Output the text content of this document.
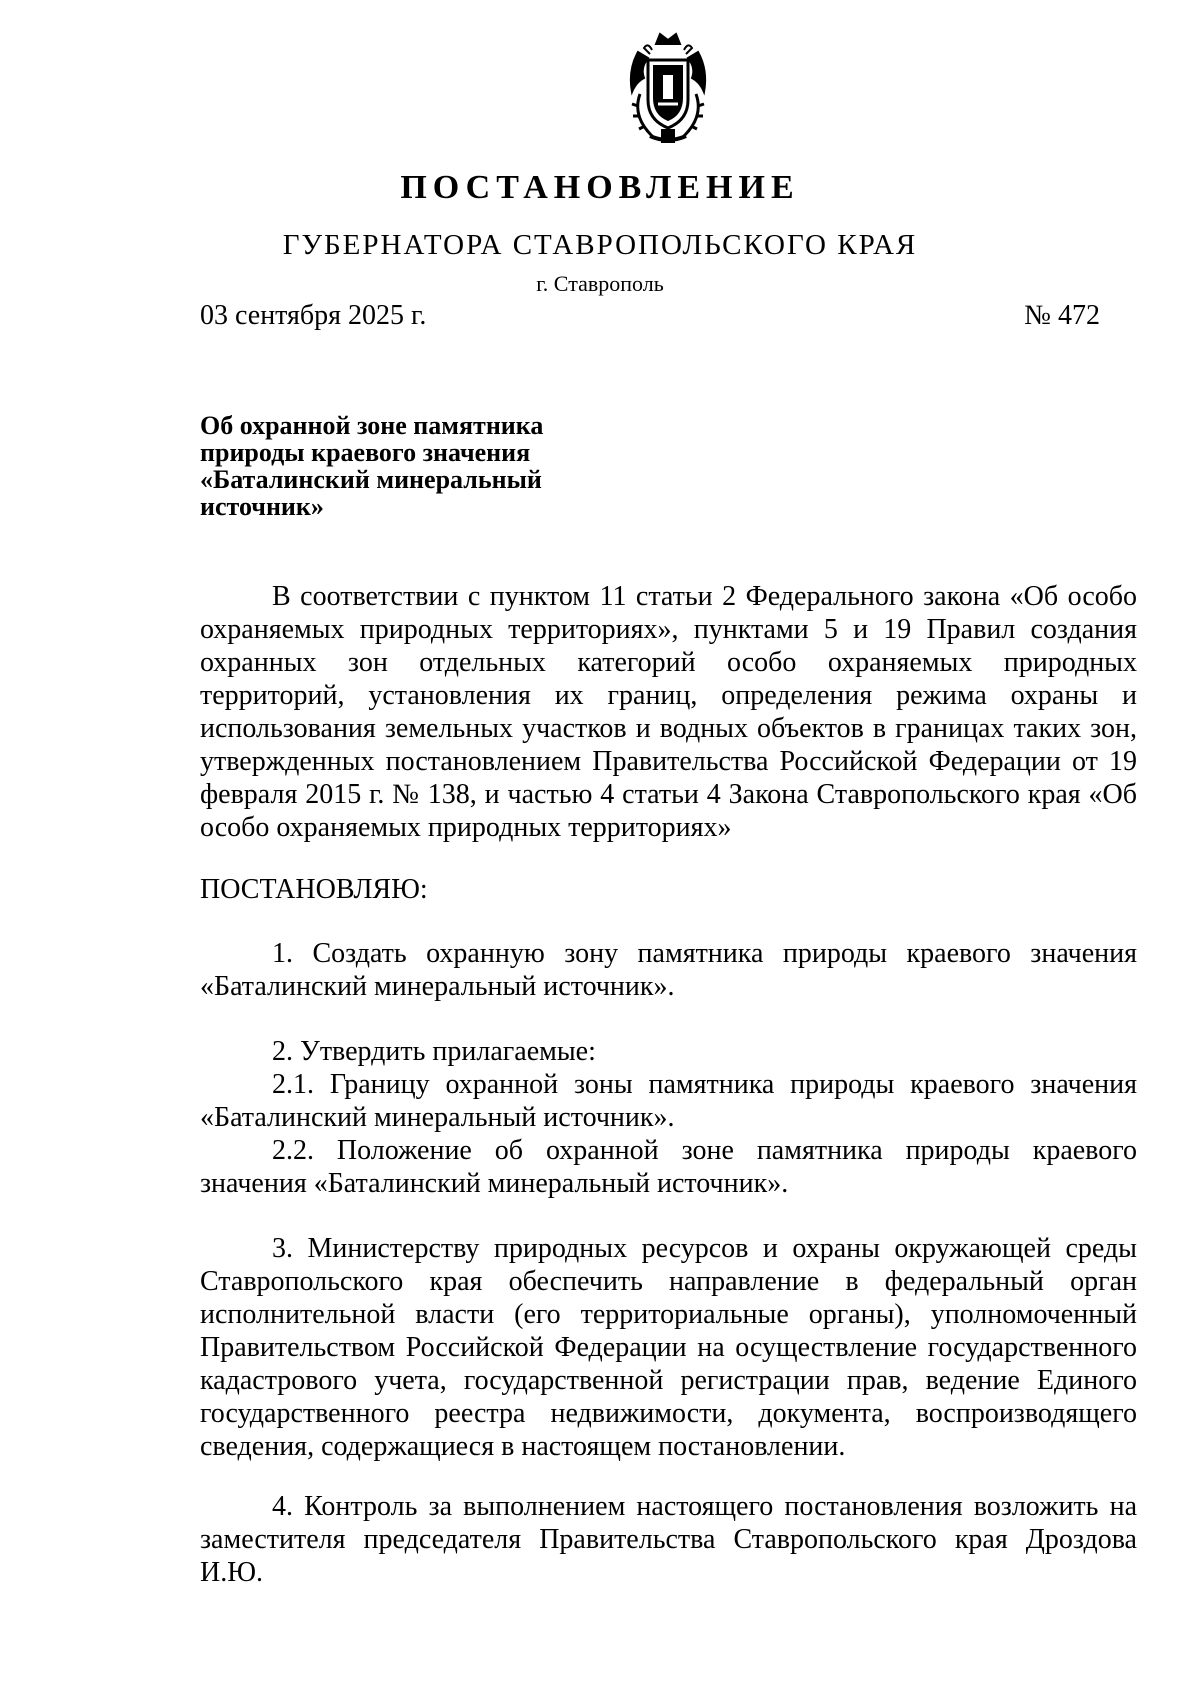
ПОСТАНОВЛЕНИЕ
ГУБЕРНАТОРА СТАВРОПОЛЬСКОГО КРАЯ
г. Ставрополь
03 сентября 2025 г.	№ 472
Об охранной зоне памятника
природы краевого значения
«Баталинский минеральный
источник»

В соответствии с пунктом 11 статьи 2 Федерального закона «Об особо охраняемых природных территориях», пунктами 5 и 19 Правил создания охранных зон отдельных категорий особо охраняемых природных территорий, установления их границ, определения режима охраны и использования земельных участков и водных объектов в границах таких зон, утвержденных постановлением Правительства Российской Федерации от 19 февраля 2015 г. № 138, и частью 4 статьи 4 Закона Ставропольского края «Об особо охраняемых природных территориях»

ПОСТАНОВЛЯЮ:

1. Создать охранную зону памятника природы краевого значения «Баталинский минеральный источник».

2. Утвердить прилагаемые:

2.1. Границу охранной зоны памятника природы краевого значения «Баталинский минеральный источник».

2.2. Положение об охранной зоне памятника природы краевого значения «Баталинский минеральный источник».

3. Министерству природных ресурсов и охраны окружающей среды Ставропольского края обеспечить направление в федеральный орган исполнительной власти (его территориальные органы), уполномоченный Правительством Российской Федерации на осуществление государственного кадастрового учета, государственной регистрации прав, ведение Единого государственного реестра недвижимости, документа, воспроизводящего сведения, содержащиеся в настоящем постановлении.

4. Контроль за выполнением настоящего постановления возложить на заместителя председателя Правительства Ставропольского края Дроздова И.Ю.
